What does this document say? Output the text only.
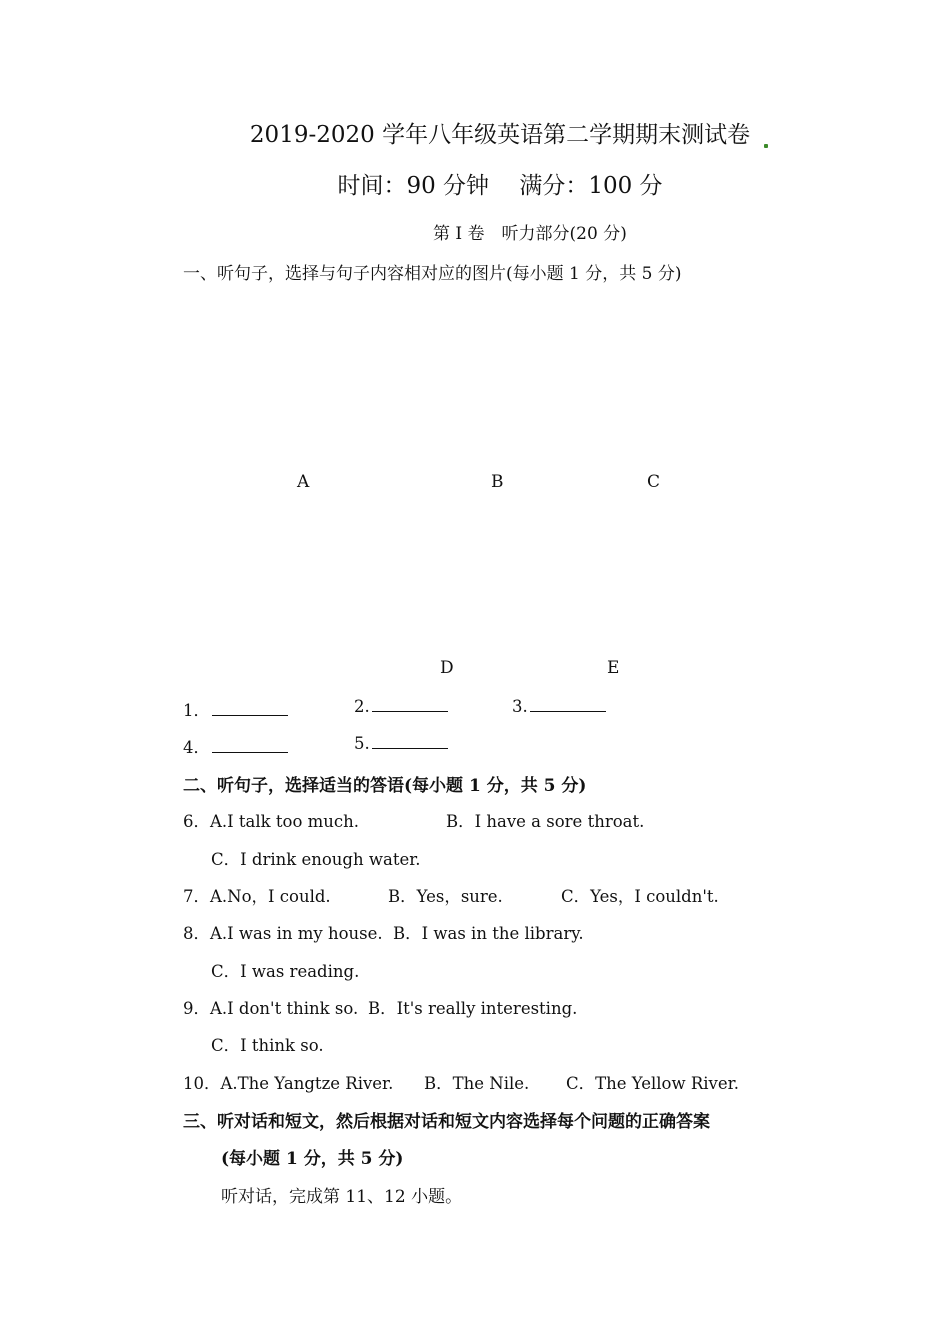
2019-2020 学年八年级英语第二学期期末测试卷
时间：90 分钟　 满分：100 分
第 I 卷　听力部分(20 分)
一、听句子，选择与句子内容相对应的图片(每小题 1 分，共 5 分)
A	B	C
D	E
1．	2.	3.
4．	5.
二、听句子，选择适当的答语(每小题 1 分，共 5 分)
6．A.I talk too much.	B．I have a sore throat.
C．I drink enough water.
7．A.No，I could.	B．Yes，sure.	C．Yes，I couldn't.
8．A.I was in my house. B．I was in the library.
C．I was reading.
9．A.I don't think so. B．It's really interesting.
C．I think so.
10．A.The Yangtze River. B．The Nile. C．The Yellow River.
三、听对话和短文，然后根据对话和短文内容选择每个问题的正确答案
(每小题 1 分，共 5 分)
听对话，完成第 11、12 小题。
